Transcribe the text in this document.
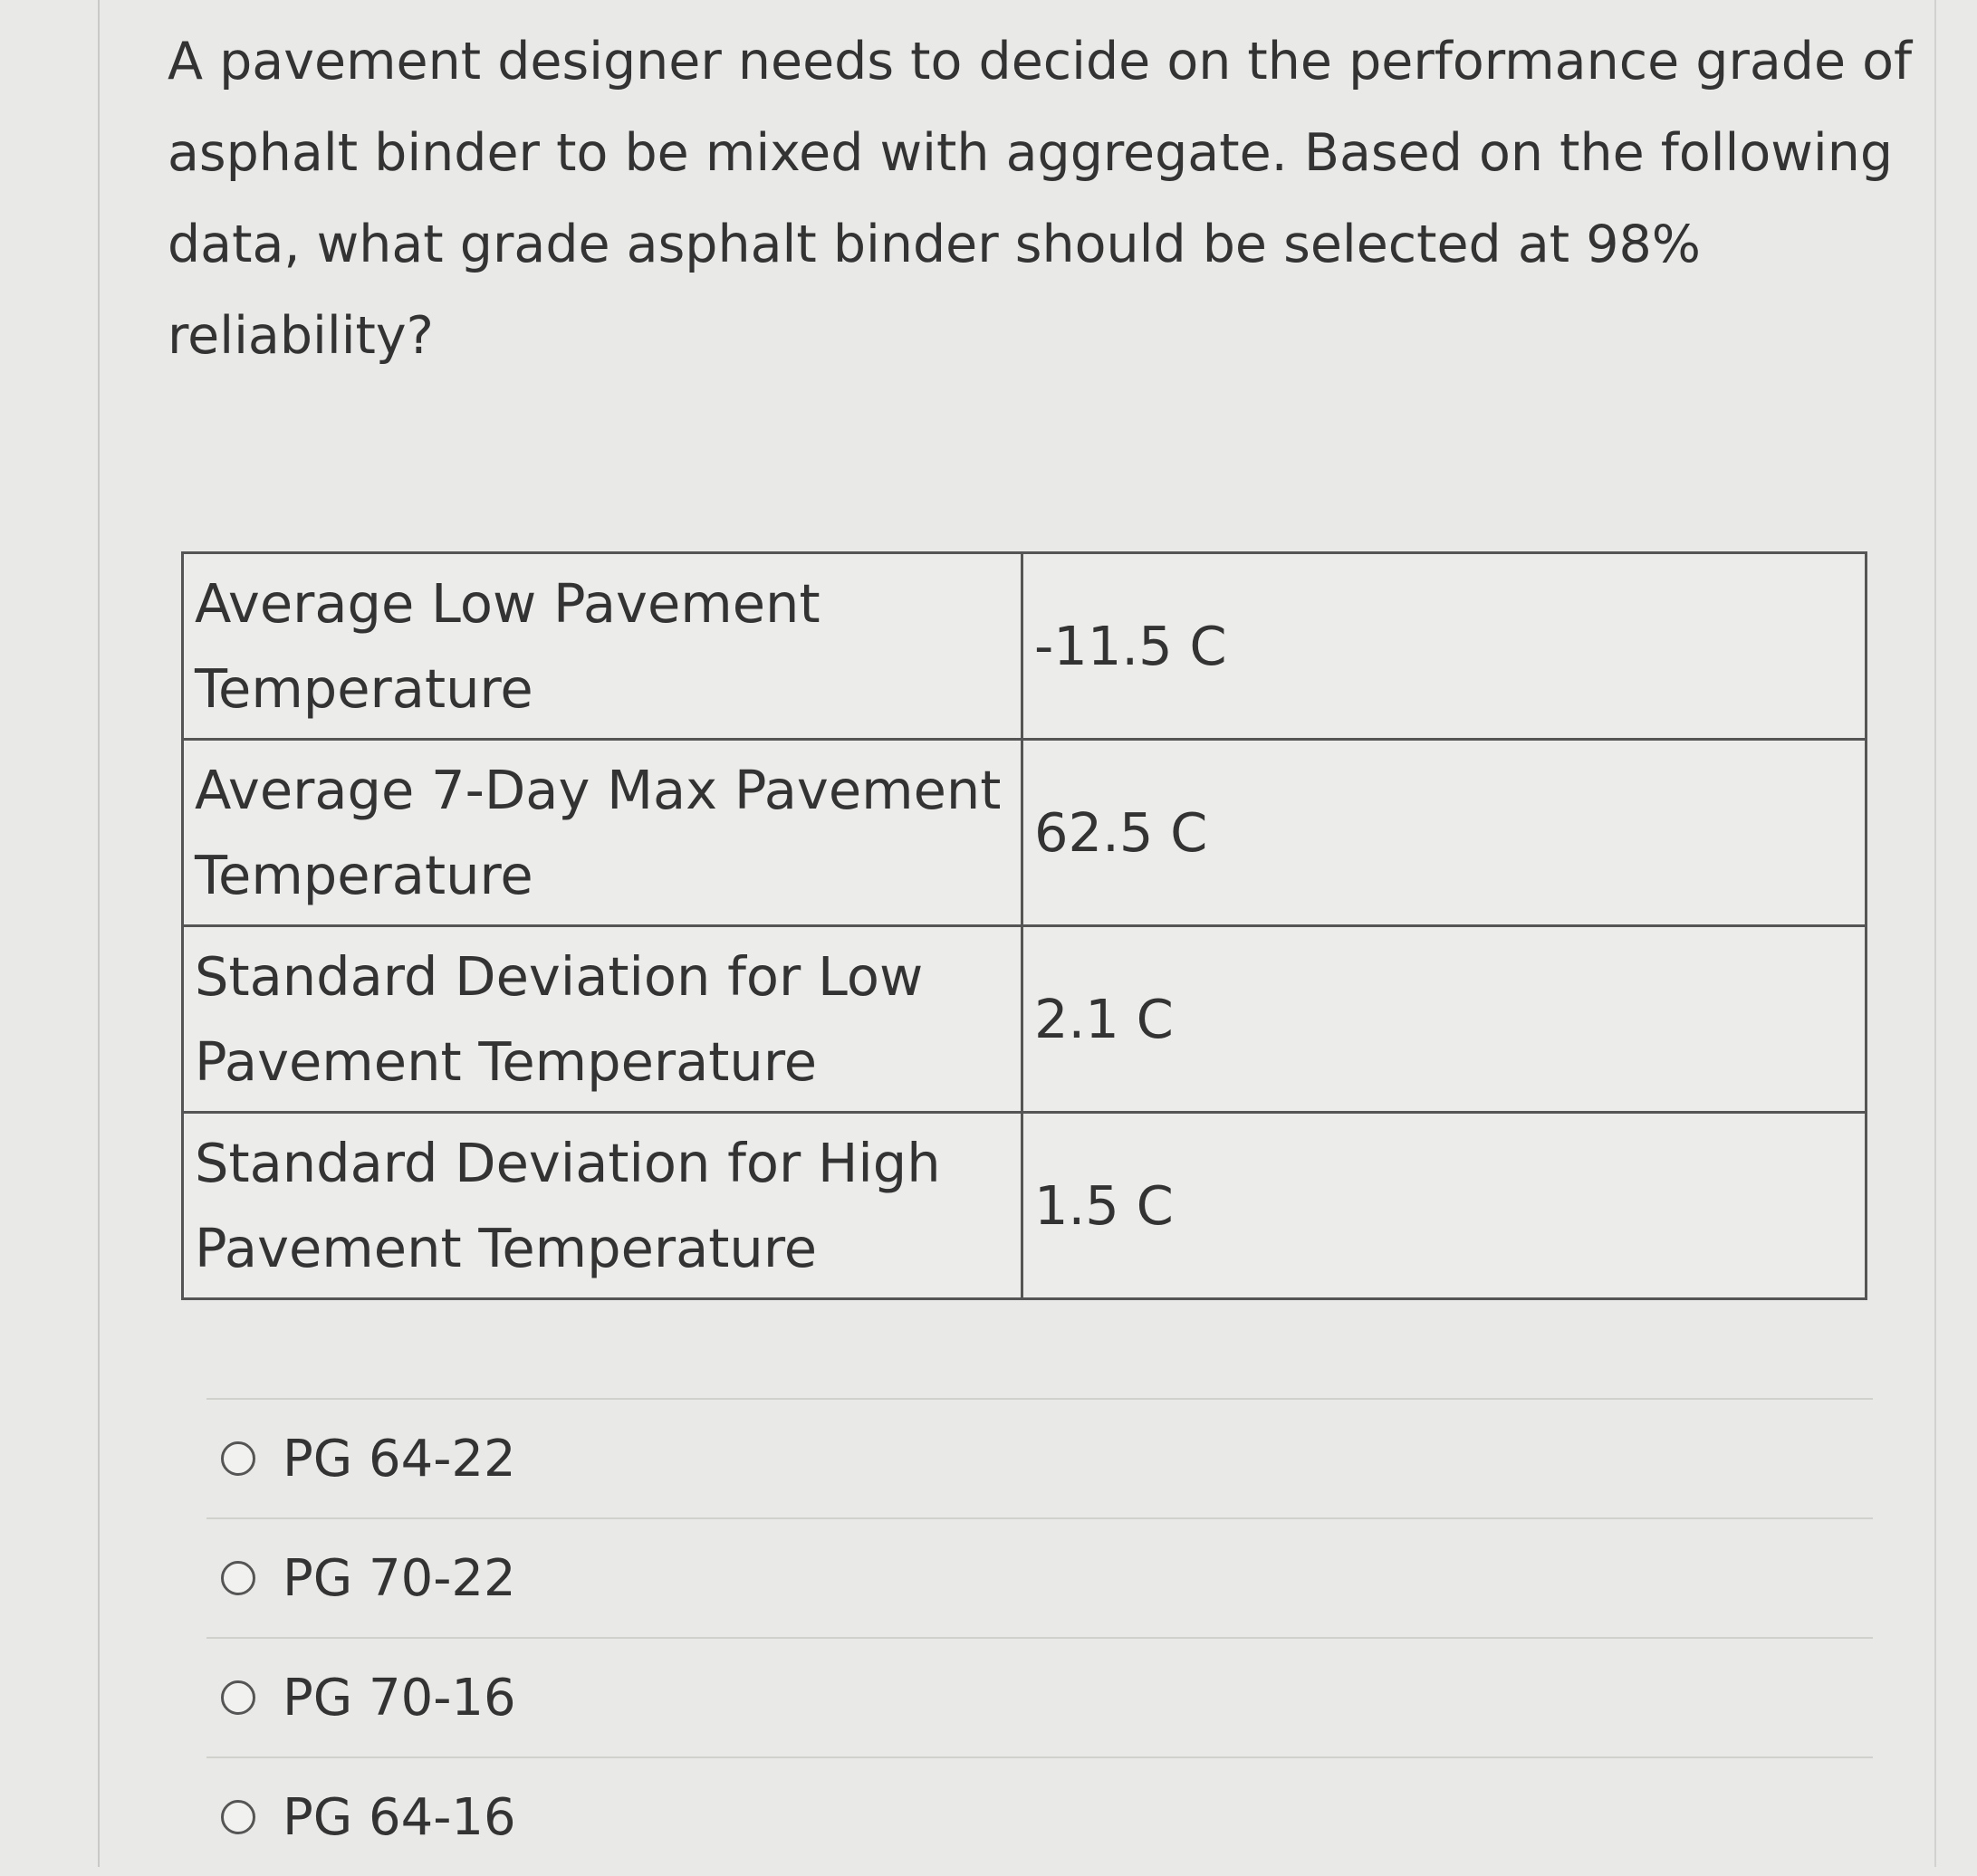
A pavement designer needs to decide on the performance grade of asphalt binder to be mixed with aggregate. Based on the following data, what grade asphalt binder should be selected at 98% reliability?
Average Low Pavement Temperature	-11.5 C
Average 7-Day Max Pavement Temperature	62.5 C
Standard Deviation for Low Pavement Temperature	2.1 C
Standard Deviation for High Pavement Temperature	1.5 C
PG 64-22
PG 70-22
PG 70-16
PG 64-16
